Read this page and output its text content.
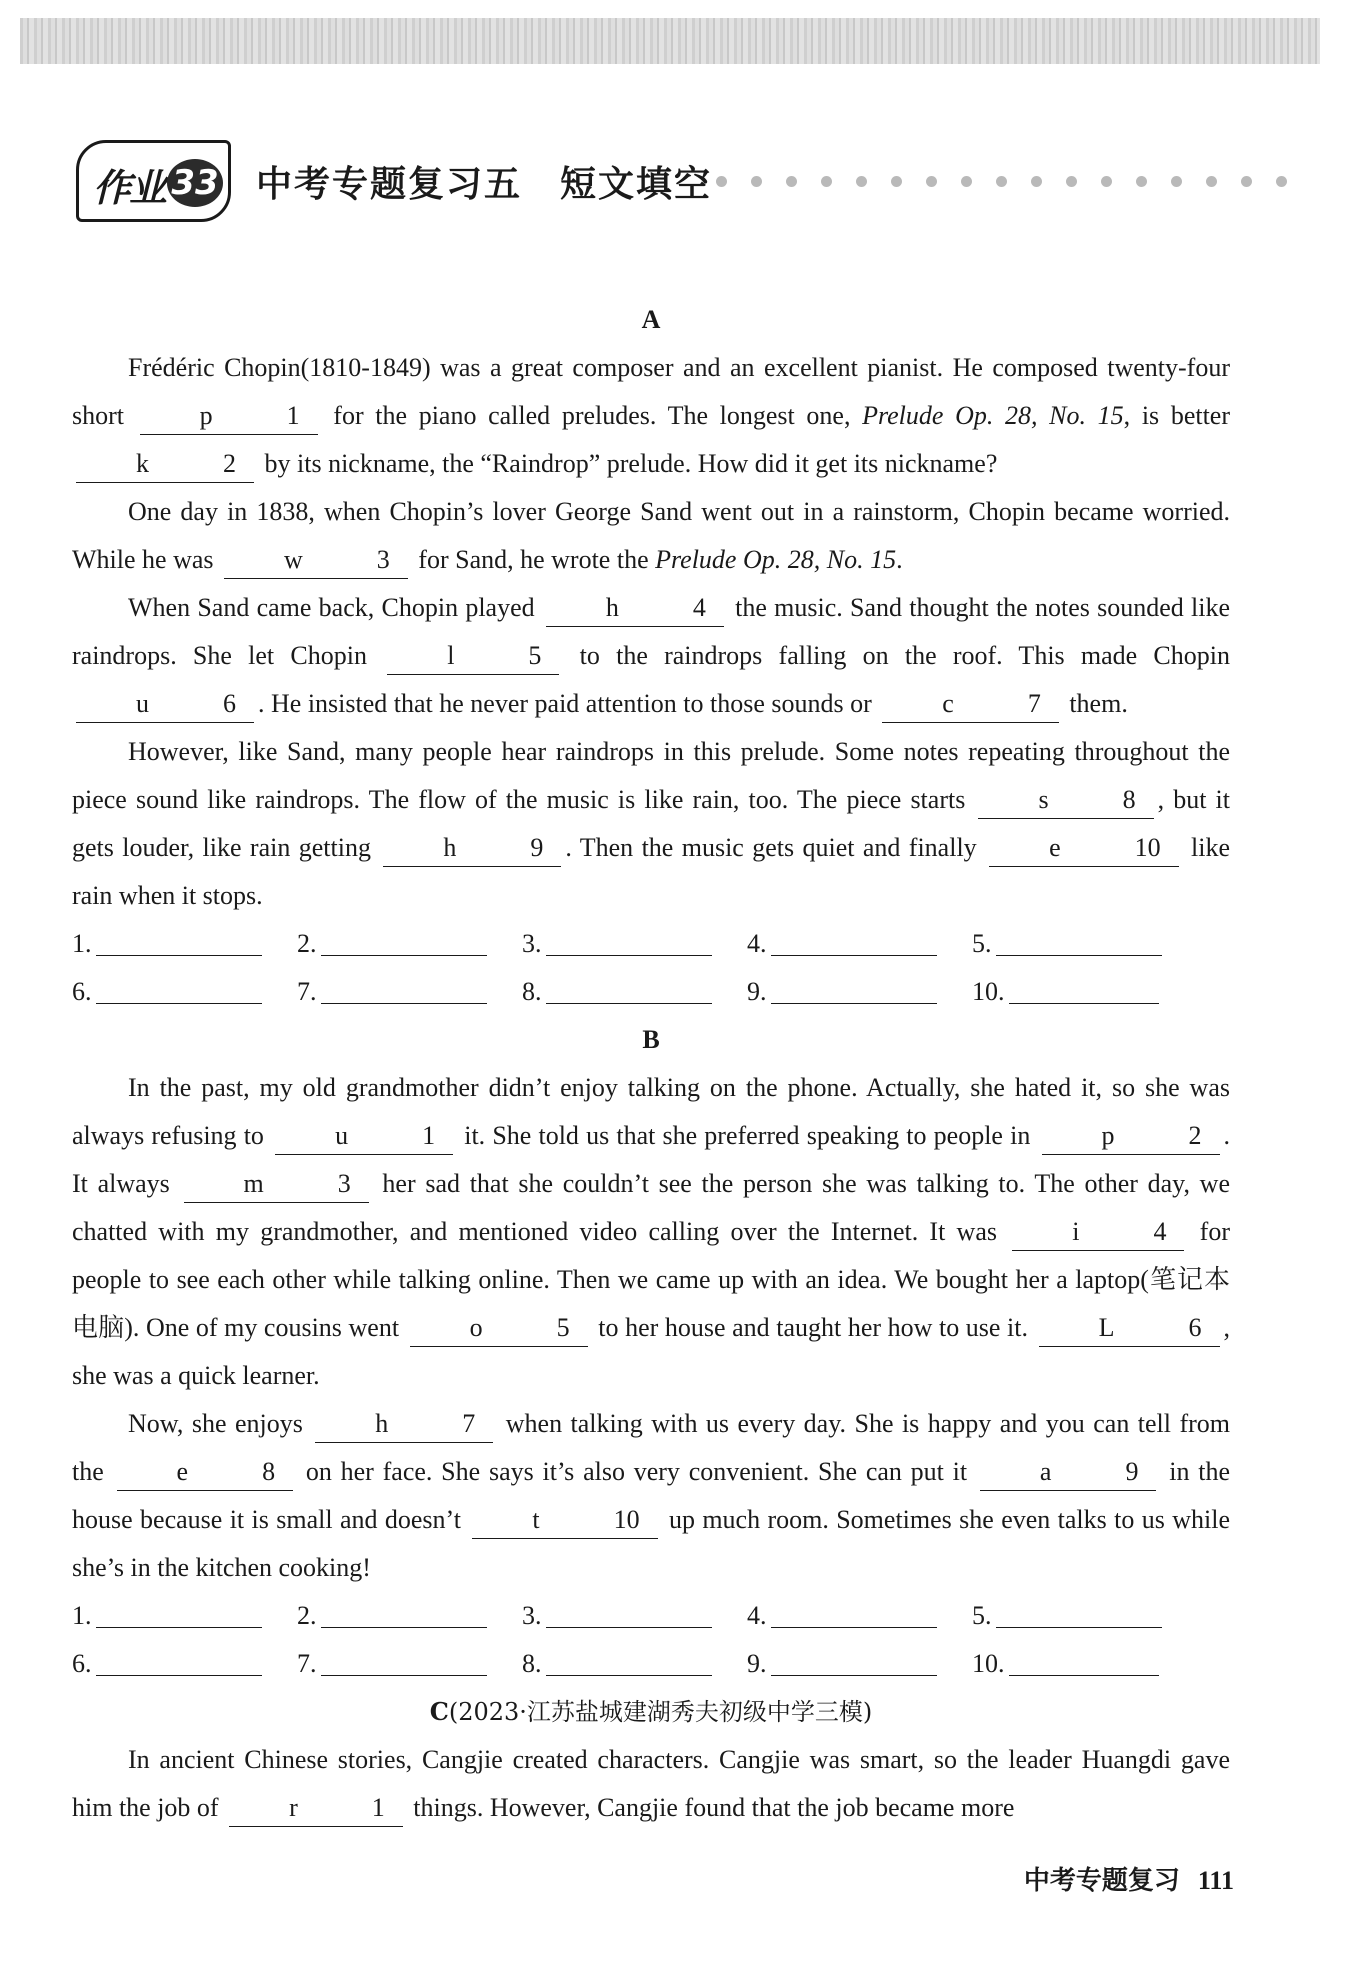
作业 33 中考专题复习五　短文填空
A

Frédéric Chopin(1810-1849) was a great composer and an excellent pianist. He composed twenty-four short p	1 for the piano called preludes. The longest one, Prelude Op. 28, No. 15, is better k	2 by its nickname, the “Raindrop” prelude. How did it get its nickname?

One day in 1838, when Chopin’s lover George Sand went out in a rainstorm, Chopin became worried. While he was w	3 for Sand, he wrote the Prelude Op. 28, No. 15.

When Sand came back, Chopin played h	4 the music. Sand thought the notes sounded like raindrops. She let Chopin l	5 to the raindrops falling on the roof. This made Chopin u	6 . He insisted that he never paid attention to those sounds or c	7 them.

However, like Sand, many people hear raindrops in this prelude. Some notes repeating throughout the piece sound like raindrops. The flow of the music is like rain, too. The piece starts s	8 , but it gets louder, like rain getting h	9 . Then the music gets quiet and finally e	10 like rain when it stops.

1.	2.	3.	4.	5.
6.	7.	8.	9.	10.
B

In the past, my old grandmother didn’t enjoy talking on the phone. Actually, she hated it, so she was always refusing to u	1 it. She told us that she preferred speaking to people in p	2 . It always m	3 her sad that she couldn’t see the person she was talking to. The other day, we chatted with my grandmother, and mentioned video calling over the Internet. It was i	4 for people to see each other while talking online. Then we came up with an idea. We bought her a laptop(笔记本电脑). One of my cousins went o	5 to her house and taught her how to use it. L	6 , she was a quick learner.

Now, she enjoys h	7 when talking with us every day. She is happy and you can tell from the e	8 on her face. She says it’s also very convenient. She can put it a	9 in the house because it is small and doesn’t t	10 up much room. Sometimes she even talks to us while she’s in the kitchen cooking!

1.	2.	3.	4.	5.
6.	7.	8.	9.	10.
C(2023·江苏盐城建湖秀夫初级中学三模)

In ancient Chinese stories, Cangjie created characters. Cangjie was smart, so the leader Huangdi gave him the job of r	1 things. However, Cangjie found that the job became more

中考专题复习 111
